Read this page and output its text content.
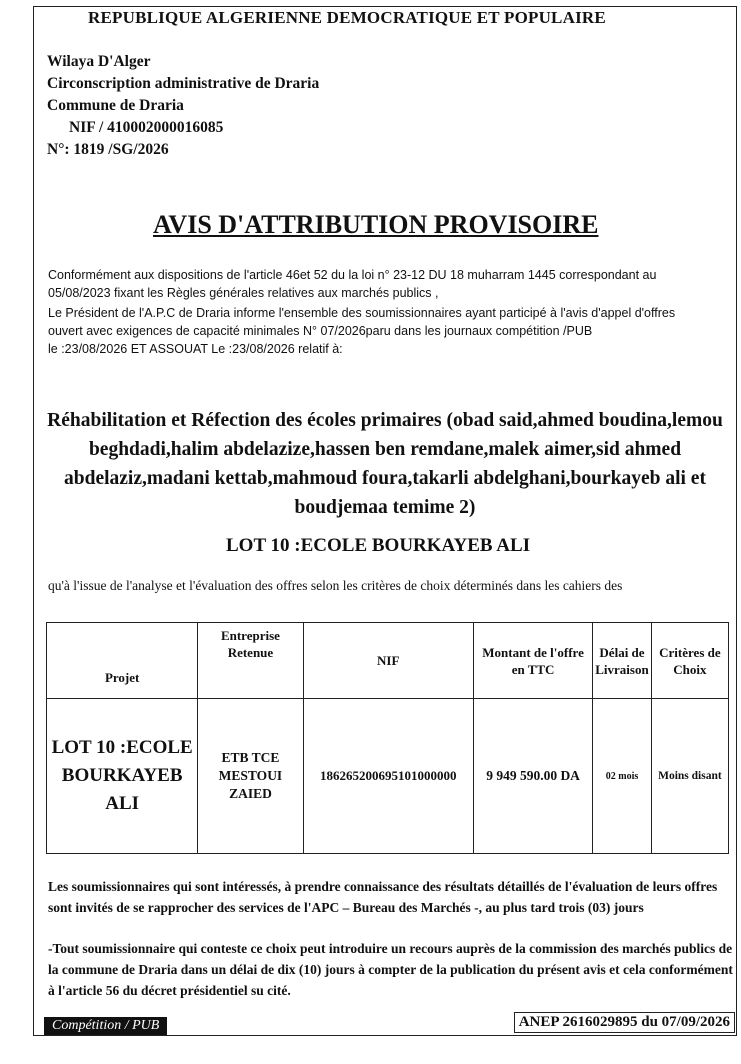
REPUBLIQUE ALGERIENNE DEMOCRATIQUE ET POPULAIRE
Wilaya D'Alger
Circonscription administrative de Draria
Commune de Draria
NIF / 410002000016085
N°: 1819 /SG/2026
AVIS D'ATTRIBUTION PROVISOIRE
Conformément aux dispositions de l'article 46et 52 du la loi n° 23-12 DU 18 muharram 1445 correspondant au
05/08/2023 fixant les Règles générales relatives aux marchés publics ,
Le Président de l'A.P.C de Draria informe l'ensemble des soumissionnaires ayant participé à l'avis d'appel d'offres
ouvert avec exigences de capacité minimales N° 07/2026paru dans les journaux compétition /PUB
le :23/08/2026 ET ASSOUAT Le :23/08/2026 relatif à:
Réhabilitation et Réfection des écoles primaires (obad said,ahmed boudina,lemou beghdadi,halim abdelazize,hassen ben remdane,malek aimer,sid ahmed abdelaziz,madani kettab,mahmoud foura,takarli abdelghani,bourkayeb ali et boudjemaa temime 2)
LOT 10 :ECOLE BOURKAYEB ALI
qu'à l'issue de l'analyse et l'évaluation des offres selon les critères de choix déterminés dans les cahiers des
Projet	Entreprise Retenue	NIF	Montant de l'offre en TTC	Délai de Livraison	Critères de Choix
LOT 10 :ECOLE BOURKAYEB ALI	ETB TCE MESTOUI ZAIED	186265200695101000000	9 949 590.00 DA	02 mois	Moins disant
Les soumissionnaires qui sont intéressés, à prendre connaissance des résultats détaillés de l'évaluation de leurs offres sont invités de se rapprocher des services de l'APC – Bureau des Marchés -, au plus tard trois (03) jours
-Tout soumissionnaire qui conteste ce choix peut introduire un recours auprès de la commission des marchés publics de la commune de Draria dans un délai de dix (10) jours à compter de la publication du présent avis et cela conformément à l'article 56 du décret présidentiel su cité.
Compétition / PUB	ANEP 2616029895 du 07/09/2026
